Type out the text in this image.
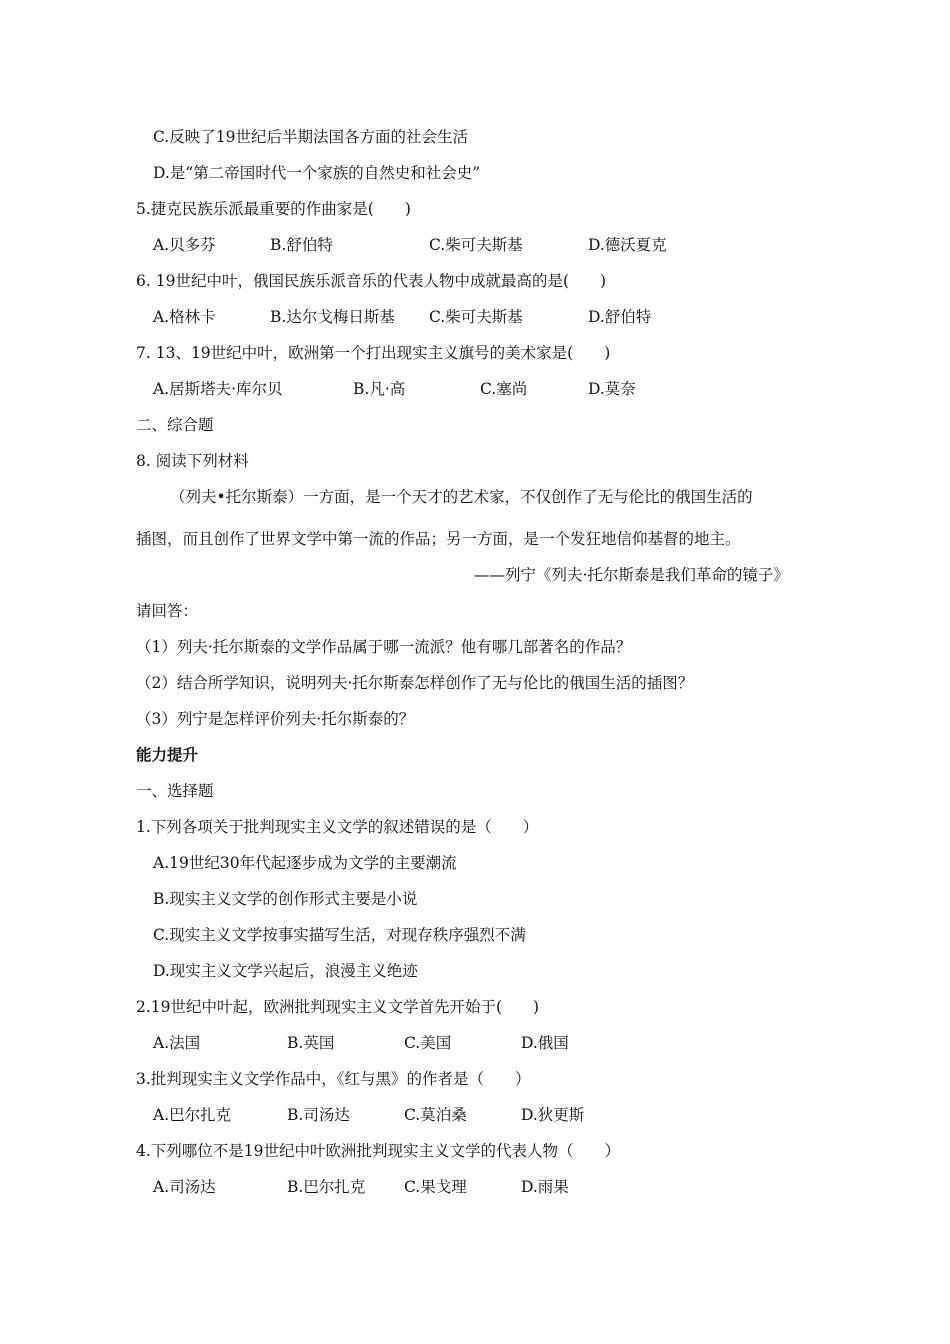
C.反映了19世纪后半期法国各方面的社会生活
D.是“第二帝国时代一个家族的自然史和社会史”
5.捷克民族乐派最重要的作曲家是(　　)
A.贝多芬	B.舒伯特	C.柴可夫斯基	D.德沃夏克
6. 19世纪中叶，俄国民族乐派音乐的代表人物中成就最高的是(　　)
A.格林卡	B.达尔戈梅日斯基 C.柴可夫斯基	D.舒伯特
7. 13、19世纪中叶，欧洲第一个打出现实主义旗号的美术家是(　　)
A.居斯塔夫·库尔贝	B.凡·高	C.塞尚	D.莫奈
二、综合题
8. 阅读下列材料
（列夫•托尔斯泰）一方面，是一个天才的艺术家，不仅创作了无与伦比的俄国生活的
插图，而且创作了世界文学中第一流的作品；另一方面，是一个发狂地信仰基督的地主。
——列宁《列夫·托尔斯泰是我们革命的镜子》
请回答：
（1）列夫·托尔斯泰的文学作品属于哪一流派？他有哪几部著名的作品？
（2）结合所学知识，说明列夫·托尔斯泰怎样创作了无与伦比的俄国生活的插图？
（3）列宁是怎样评价列夫·托尔斯泰的？
能力提升
一、选择题
1.下列各项关于批判现实主义文学的叙述错误的是（　　）
A.19世纪30年代起逐步成为文学的主要潮流
B.现实主义文学的创作形式主要是小说
C.现实主义文学按事实描写生活，对现存秩序强烈不满
D.现实主义文学兴起后，浪漫主义绝迹
2.19世纪中叶起，欧洲批判现实主义文学首先开始于(　　)
A.法国	B.英国	C.美国	D.俄国
3.批判现实主义文学作品中，《红与黑》的作者是（　　）
A.巴尔扎克	B.司汤达	C.莫泊桑	D.狄更斯
4.下列哪位不是19世纪中叶欧洲批判现实主义文学的代表人物（　　）
A.司汤达	B.巴尔扎克 C.果戈理	D.雨果
